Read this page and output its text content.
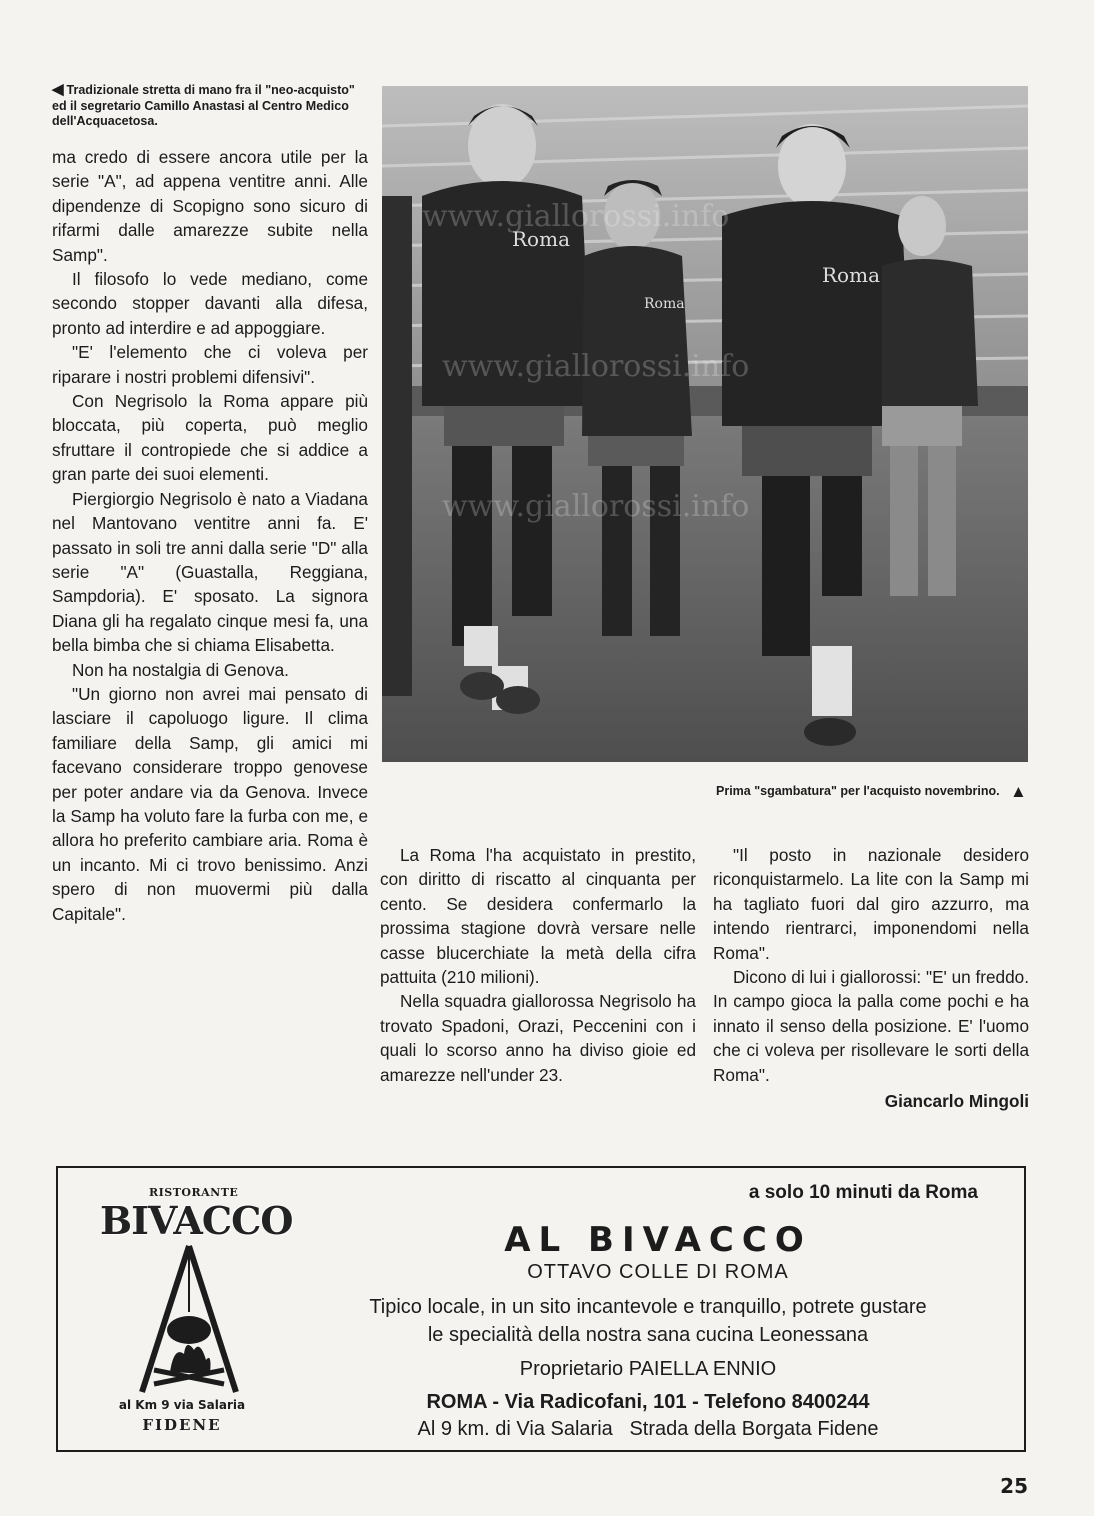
◀ Tradizionale stretta di mano fra il "neo-acquisto" ed il segretario Camillo Anastasi al Centro Medico dell'Acquacetosa.

ma credo di essere ancora utile per la serie "A", ad appena ventitre anni. Alle dipendenze di Scopigno sono sicuro di rifarmi dalle amarezze subite nella Samp".

Il filosofo lo vede mediano, come secondo stopper davanti alla difesa, pronto ad interdire e ad appoggiare.

"E' l'elemento che ci voleva per riparare i nostri problemi difensivi".

Con Negrisolo la Roma appare più bloccata, più coperta, può meglio sfruttare il contropiede che si addice a gran parte dei suoi elementi.

Piergiorgio Negrisolo è nato a Viadana nel Mantovano ventitre anni fa. E' passato in soli tre anni dalla serie "D" alla serie "A" (Guastalla, Reggiana, Sampdoria). E' sposato. La signora Diana gli ha regalato cinque mesi fa, una bella bimba che si chiama Elisabetta.

Non ha nostalgia di Genova.

"Un giorno non avrei mai pensato di lasciare il capoluogo ligure. Il clima familiare della Samp, gli amici mi facevano considerare troppo genovese per poter andare via da Genova. Invece la Samp ha voluto fare la furba con me, e allora ho preferito cambiare aria. Roma è un incanto. Mi ci trovo benissimo. Anzi spero di non muovermi più dalla Capitale".

Roma
Roma
Roma
www.giallorossi.info
www.giallorossi.info
www.giallorossi.info
Prima "sgambatura" per l'acquisto novembrino. ▲

La Roma l'ha acquistato in prestito, con diritto di riscatto al cinquanta per cento. Se desidera confermarlo la prossima stagione dovrà versare nelle casse blucerchiate la metà della cifra pattuita (210 milioni).

Nella squadra giallorossa Negrisolo ha trovato Spadoni, Orazi, Peccenini con i quali lo scorso anno ha diviso gioie ed amarezze nell'under 23.

"Il posto in nazionale desidero riconquistarmelo. La lite con la Samp mi ha tagliato fuori dal giro azzurro, ma intendo rientrarci, imponendomi nella Roma".

Dicono di lui i giallorossi: "E' un freddo. In campo gioca la palla come pochi e ha innato il senso della posizione. E' l'uomo che ci voleva per risollevare le sorti della Roma".

Giancarlo Mingoli

RISTORANTE
BIVACCO
al Km 9 via Salaria
FIDENE
a solo 10 minuti da Roma
AL BIVACCO
OTTAVO COLLE DI ROMA
Tipico locale, in un sito incantevole e tranquillo, potrete gustare
le specialità della nostra sana cucina Leonessana
Proprietario PAIELLA ENNIO
ROMA - Via Radicofani, 101 - Telefono 8400244
Al 9 km. di Via Salaria   Strada della Borgata Fidene
25
